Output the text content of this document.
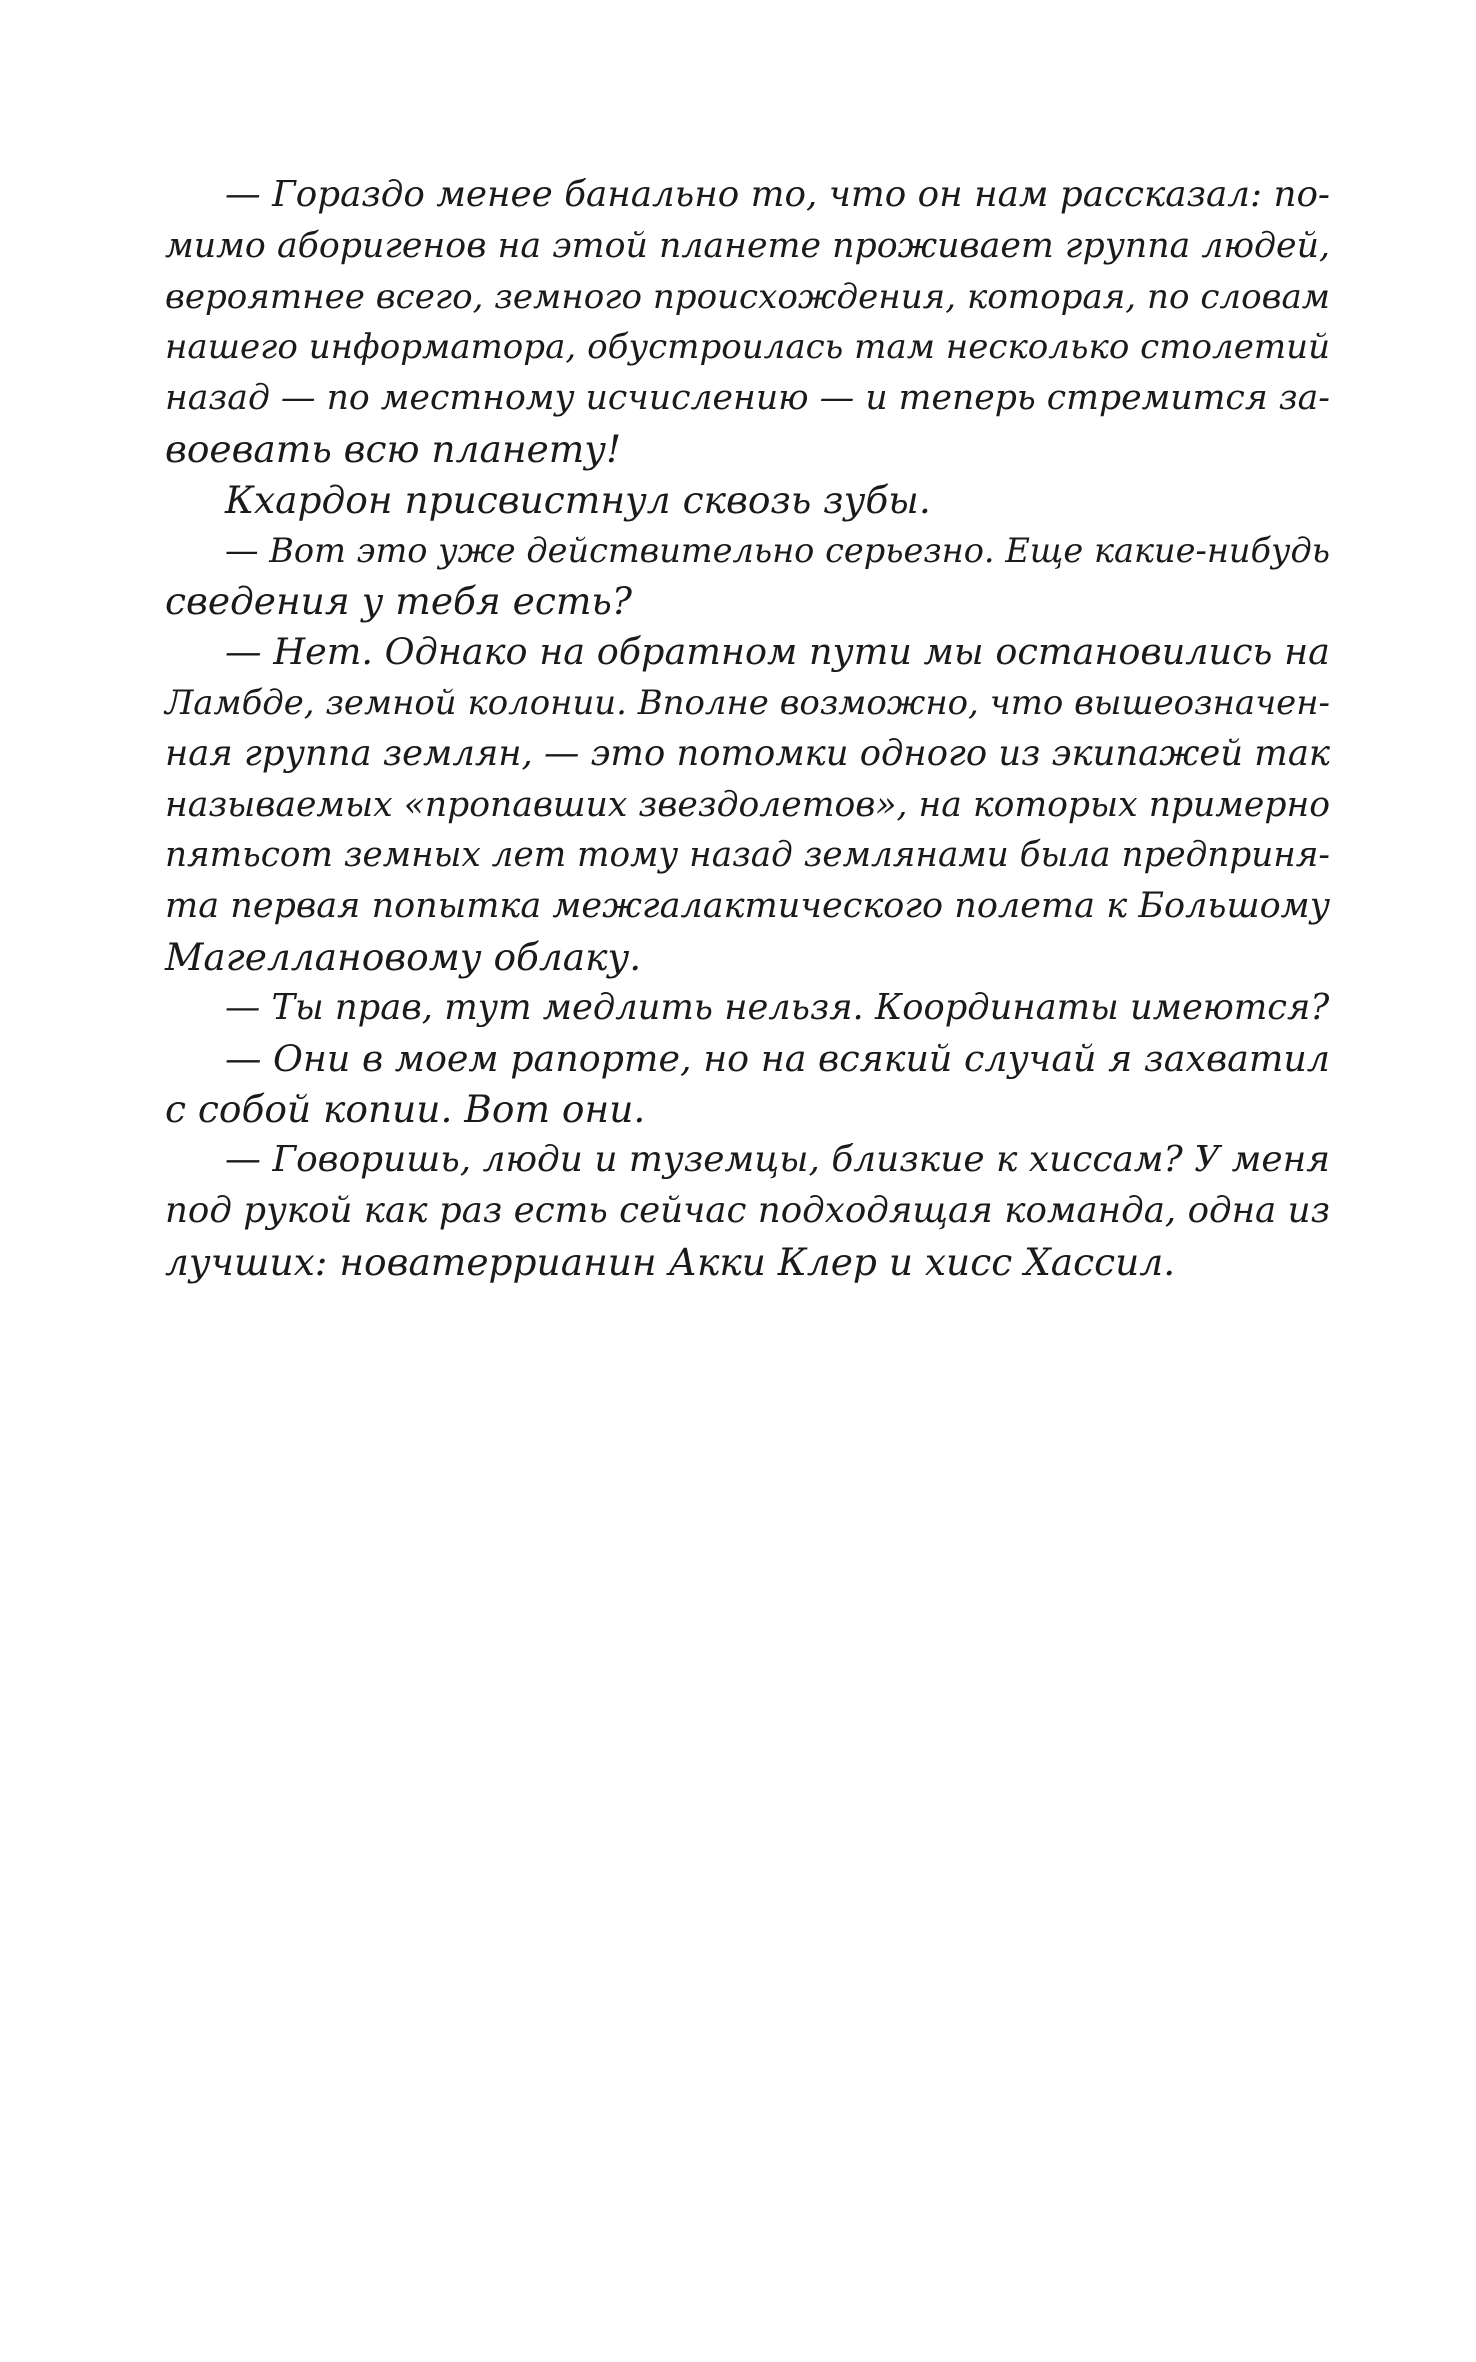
— Гораздо менее банально то, что он нам рассказал: по-
мимо аборигенов на этой планете проживает группа людей,
вероятнее всего, земного происхождения, которая, по словам
нашего информатора, обустроилась там несколько столетий
назад — по местному исчислению — и теперь стремится за-
воевать всю планету!
Кхардон присвистнул сквозь зубы.
— Вот это уже действительно серьезно. Еще какие-нибудь
сведения у тебя есть?
— Нет. Однако на обратном пути мы остановились на
Ламбде, земной колонии. Вполне возможно, что вышеозначен-
ная группа землян, — это потомки одного из экипажей так
называемых «пропавших звездолетов», на которых примерно
пятьсот земных лет тому назад землянами была предприня-
та первая попытка межгалактического полета к Большому
Магеллановому облаку.
— Ты прав, тут медлить нельзя. Координаты имеются?
— Они в моем рапорте, но на всякий случай я захватил
с собой копии. Вот они.
— Говоришь, люди и туземцы, близкие к хиссам? У меня
под рукой как раз есть сейчас подходящая команда, одна из
лучших: новатеррианин Акки Клер и хисс Хассил.
